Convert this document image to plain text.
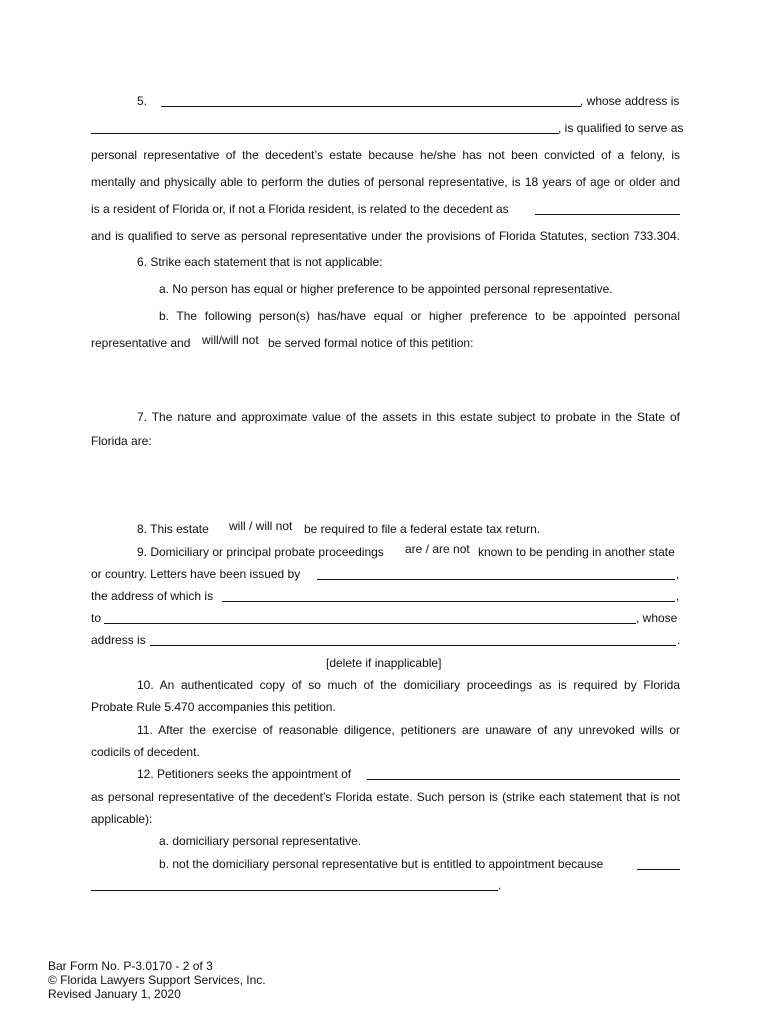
5.	, whose address is
, is qualified to serve as
personal representative of the decedent’s estate because he/she has not been convicted of a felony, is
mentally and physically able to perform the duties of personal representative, is 18 years of age or older and
is a resident of Florida or, if not a Florida resident, is related to the decedent as
and is qualified to serve as personal representative under the provisions of Florida Statutes, section 733.304.
6. Strike each statement that is not applicable:
a. No person has equal or higher preference to be appointed personal representative.
b. The following person(s) has/have equal or higher preference to be appointed personal
representative and will/will not be served formal notice of this petition:
7. The nature and approximate value of the assets in this estate subject to probate in the State of
Florida are:
8. This estate will / will not be required to file a federal estate tax return.
9. Domiciliary or principal probate proceedings are / are not known to be pending in another state
or country. Letters have been issued by	,
the address of which is	,
to	, whose
address is	.
[delete if inapplicable]
10. An authenticated copy of so much of the domiciliary proceedings as is required by Florida
Probate Rule 5.470 accompanies this petition.
11. After the exercise of reasonable diligence, petitioners are unaware of any unrevoked wills or
codicils of decedent.
12. Petitioners seeks the appointment of
as personal representative of the decedent’s Florida estate. Such person is (strike each statement that is not
applicable):
a. domiciliary personal representative.
b. not the domiciliary personal representative but is entitled to appointment because
.
Bar Form No. P-3.0170 - 2 of 3
© Florida Lawyers Support Services, Inc.
Revised January 1, 2020
